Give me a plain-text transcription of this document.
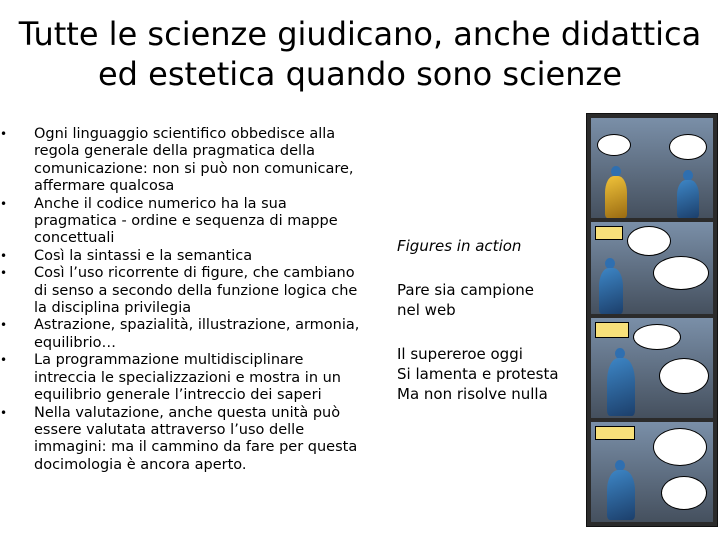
Tutte le scienze giudicano, anche didattica
ed estetica quando sono scienze
• Ogni linguaggio scientifico obbedisce alla regola generale della pragmatica della comunicazione: non si può non comunicare, affermare qualcosa
• Anche il codice numerico ha la sua pragmatica - ordine e sequenza di mappe concettuali
• Così la sintassi e la semantica
• Così l’uso ricorrente di figure, che cambiano di senso a secondo della funzione logica che la disciplina privilegia
• Astrazione, spazialità, illustrazione, armonia, equilibrio…
• La programmazione multidisciplinare intreccia le specializzazioni e mostra in un equilibrio generale l’intreccio dei saperi
• Nella valutazione, anche questa unità può essere valutata attraverso l’uso delle immagini: ma il cammino da fare per questa docimologia è ancora aperto.
Figures in action
Pare sia campione
nel web
Il supereroe oggi
Si lamenta e protesta
Ma non risolve nulla
